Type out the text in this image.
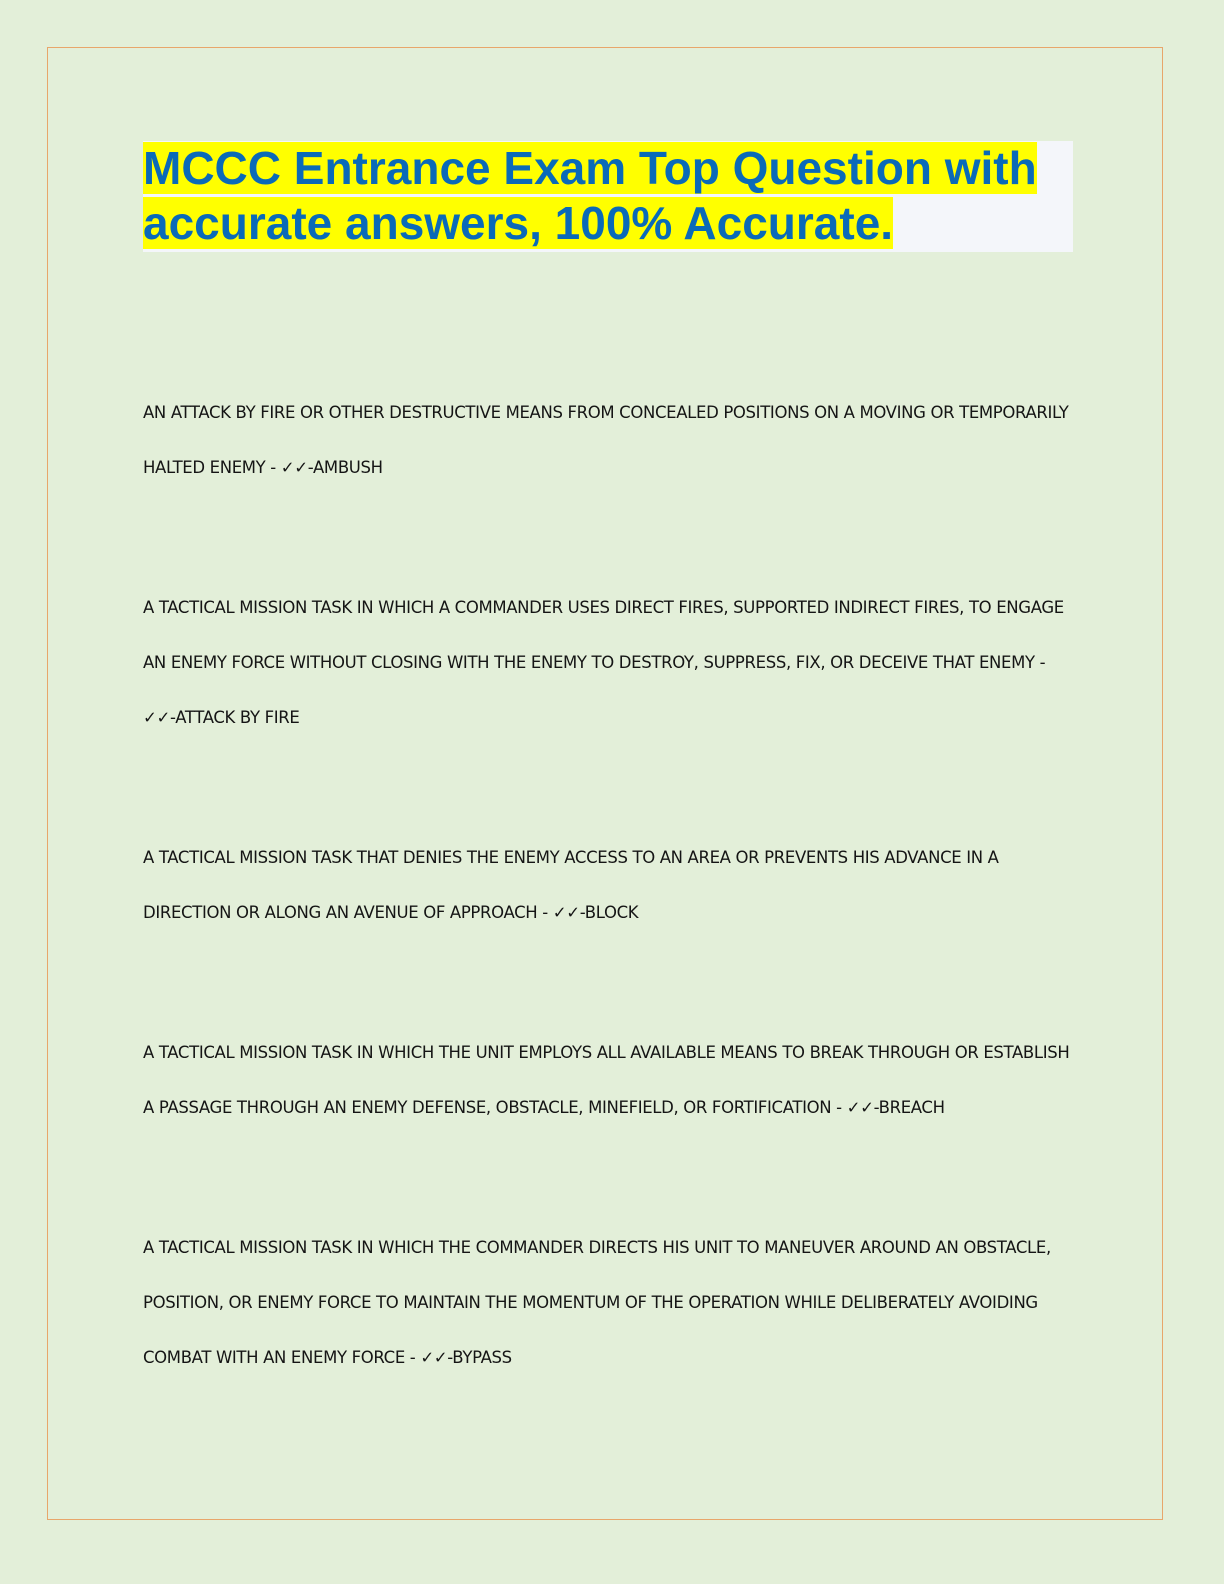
MCCC Entrance Exam Top Question with accurate answers, 100% Accurate.

AN ATTACK BY FIRE OR OTHER DESTRUCTIVE MEANS FROM CONCEALED POSITIONS ON A MOVING OR TEMPORARILY HALTED ENEMY - ✓✓-AMBUSH

A TACTICAL MISSION TASK IN WHICH A COMMANDER USES DIRECT FIRES, SUPPORTED INDIRECT FIRES, TO ENGAGE AN ENEMY FORCE WITHOUT CLOSING WITH THE ENEMY TO DESTROY, SUPPRESS, FIX, OR DECEIVE THAT ENEMY - ✓✓-ATTACK BY FIRE

A TACTICAL MISSION TASK THAT DENIES THE ENEMY ACCESS TO AN AREA OR PREVENTS HIS ADVANCE IN A DIRECTION OR ALONG AN AVENUE OF APPROACH - ✓✓-BLOCK

A TACTICAL MISSION TASK IN WHICH THE UNIT EMPLOYS ALL AVAILABLE MEANS TO BREAK THROUGH OR ESTABLISH A PASSAGE THROUGH AN ENEMY DEFENSE, OBSTACLE, MINEFIELD, OR FORTIFICATION - ✓✓-BREACH

A TACTICAL MISSION TASK IN WHICH THE COMMANDER DIRECTS HIS UNIT TO MANEUVER AROUND AN OBSTACLE, POSITION, OR ENEMY FORCE TO MAINTAIN THE MOMENTUM OF THE OPERATION WHILE DELIBERATELY AVOIDING COMBAT WITH AN ENEMY FORCE - ✓✓-BYPASS
